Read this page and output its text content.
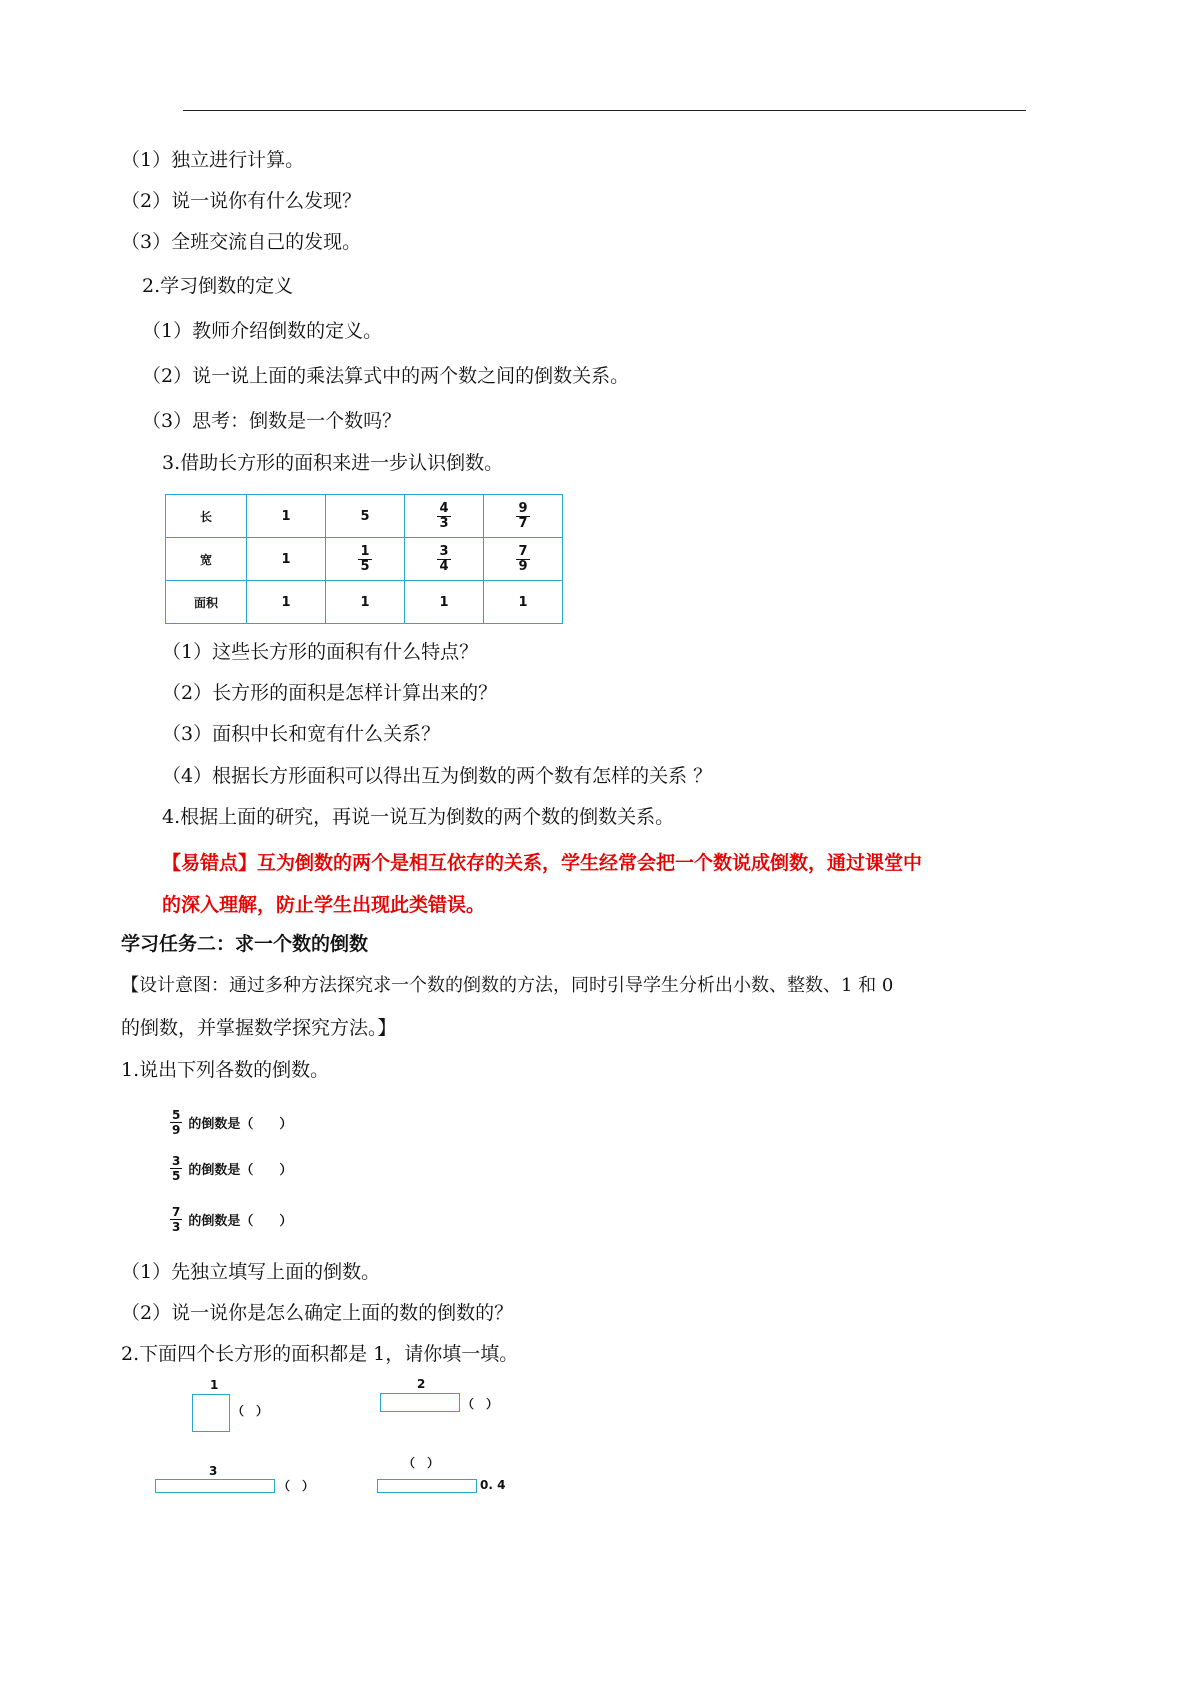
（1）独立进行计算。
（2）说一说你有什么发现？
（3）全班交流自己的发现。
2.学习倒数的定义
（1）教师介绍倒数的定义。
（2）说一说上面的乘法算式中的两个数之间的倒数关系。
（3）思考：倒数是一个数吗？
3.借助长方形的面积来进一步认识倒数。
长	1	5	$\frac{4}{3}$	$\frac{9}{7}$

宽	1	$\frac{1}{5}$	$\frac{3}{4}$	$\frac{7}{9}$

面积	1	1	1	1
（1）这些长方形的面积有什么特点？
（2）长方形的面积是怎样计算出来的？
（3）面积中长和宽有什么关系？
（4）根据长方形面积可以得出互为倒数的两个数有怎样的关系 ？
4.根据上面的研究，再说一说互为倒数的两个数的倒数关系。
【易错点】互为倒数的两个是相互依存的关系，学生经常会把一个数说成倒数，通过课堂中
的深入理解，防止学生出现此类错误。
学习任务二：求一个数的倒数
【设计意图：通过多种方法探究求一个数的倒数的方法，同时引导学生分析出小数、整数、1 和 0
的倒数，并掌握数学探究方法。】
1.说出下列各数的倒数。
$\frac{5}{9}$ 的倒数是（　　）
$\frac{3}{5}$ 的倒数是（　　）
$\frac{7}{3}$ 的倒数是（　　）
（1）先独立填写上面的倒数。
（2）说一说你是怎么确定上面的数的倒数的？
2.下面四个长方形的面积都是 1，请你填一填。
1
（　）
2
（　）
3
（　）
（　）
0. 4
